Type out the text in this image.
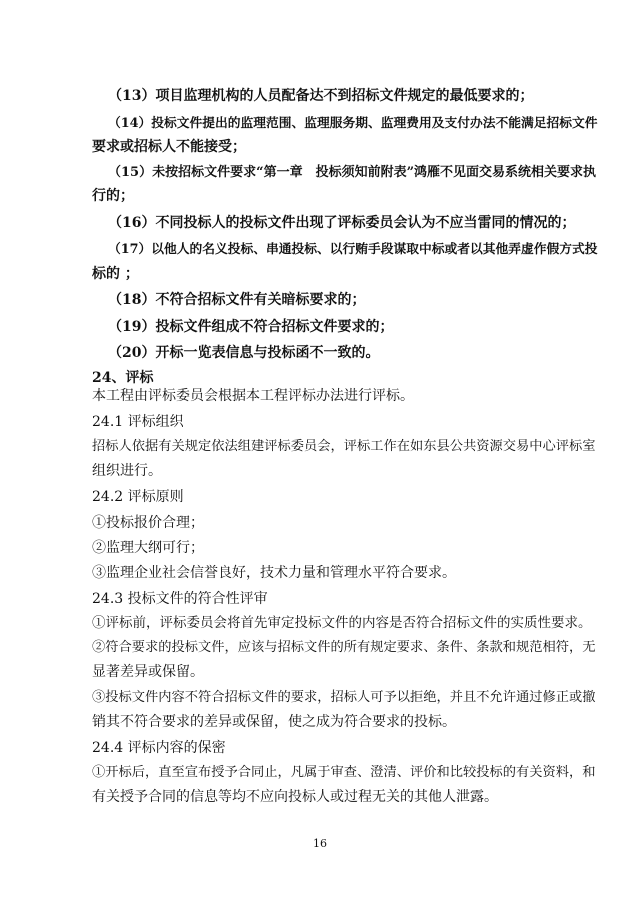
（13）项目监理机构的人员配备达不到招标文件规定的最低要求的；
（14）投标文件提出的监理范围、监理服务期、监理费用及支付办法不能满足招标文件
要求或招标人不能接受；
（15）未按招标文件要求“第一章　投标须知前附表”鸿雁不见面交易系统相关要求执
行的；
（16）不同投标人的投标文件出现了评标委员会认为不应当雷同的情况的；
（17）以他人的名义投标、串通投标、以行贿手段谋取中标或者以其他弄虚作假方式投
标的 ；
（18）不符合招标文件有关暗标要求的；
（19）投标文件组成不符合招标文件要求的；
（20）开标一览表信息与投标函不一致的。
24、评标
本工程由评标委员会根据本工程评标办法进行评标。
24.1 评标组织
招标人依据有关规定依法组建评标委员会，评标工作在如东县公共资源交易中心评标室
组织进行。
24.2 评标原则
①投标报价合理；
②监理大纲可行；
③监理企业社会信誉良好，技术力量和管理水平符合要求。
24.3 投标文件的符合性评审
①评标前，评标委员会将首先审定投标文件的内容是否符合招标文件的实质性要求。
②符合要求的投标文件，应该与招标文件的所有规定要求、条件、条款和规范相符，无
显著差异或保留。
③投标文件内容不符合招标文件的要求，招标人可予以拒绝，并且不允许通过修正或撤
销其不符合要求的差异或保留，使之成为符合要求的投标。
24.4 评标内容的保密
①开标后，直至宣布授予合同止，凡属于审查、澄清、评价和比较投标的有关资料，和
有关授予合同的信息等均不应向投标人或过程无关的其他人泄露。
16
